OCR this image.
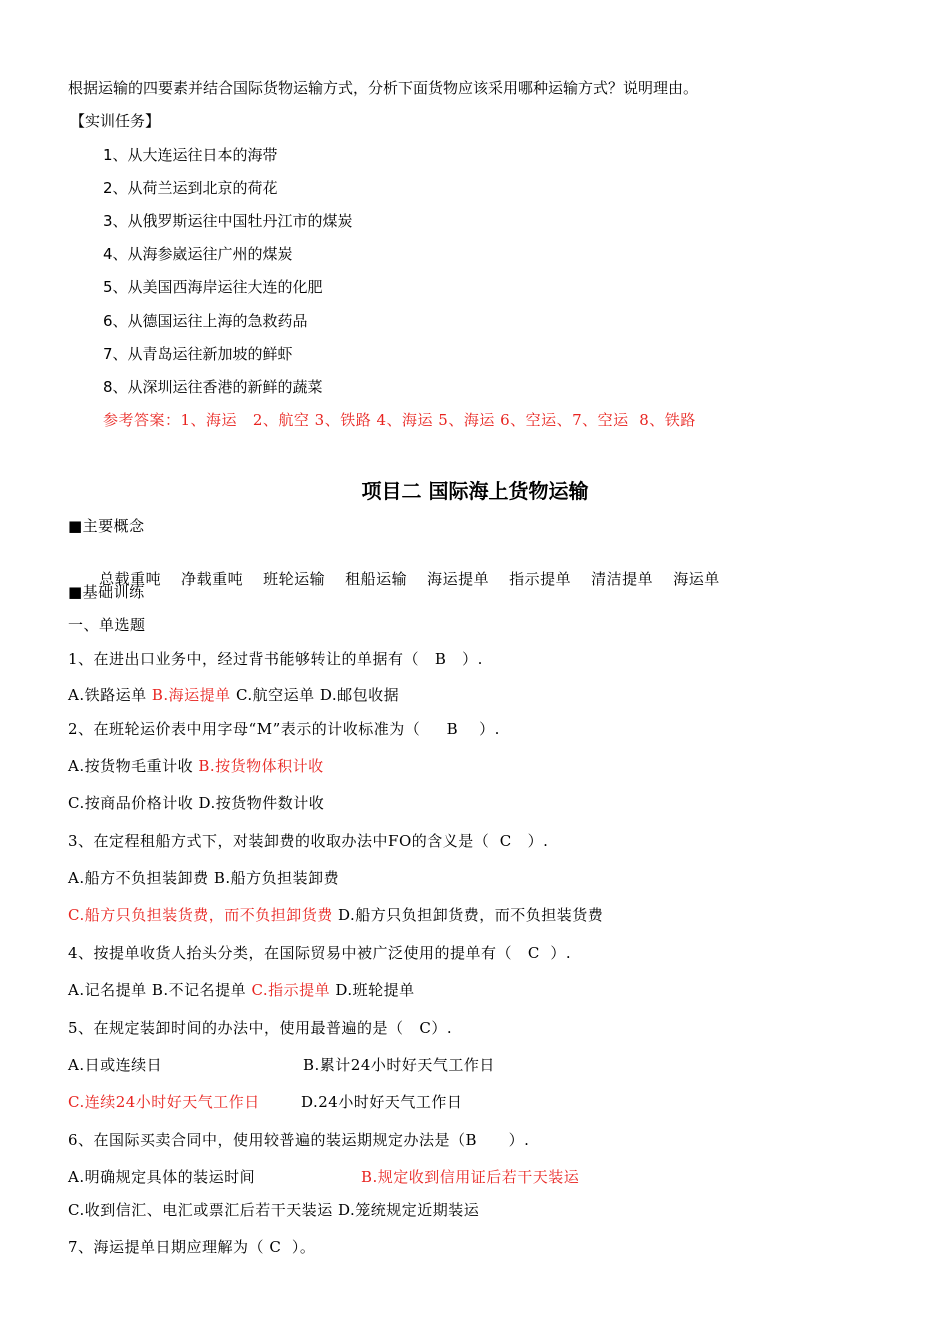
根据运输的四要素并结合国际货物运输方式，分析下面货物应该采用哪种运输方式？说明理由。
【实训任务】
1、从大连运往日本的海带
2、从荷兰运到北京的荷花
3、从俄罗斯运往中国牡丹江市的煤炭
4、从海参崴运往广州的煤炭
5、从美国西海岸运往大连的化肥
6、从德国运往上海的急救药品
7、从青岛运往新加坡的鲜虾
8、从深圳运往香港的新鲜的蔬菜
参考答案：1、海运   2、航空 3、铁路 4、海运 5、海运 6、空运、7、空运  8、铁路
项目二 国际海上货物运输
■主要概念

总载重吨 净载重吨 班轮运输 租船运输 海运提单 指示提单 清洁提单 海运单

■基础训练
一、单选题
1、在进出口业务中，经过背书能够转让的单据有（   B   ）.
A.铁路运单 B.海运提单 C.航空运单 D.邮包收据
2、在班轮运价表中用字母“M”表示的计收标准为（     B    ）.
A.按货物毛重计收 B.按货物体积计收
C.按商品价格计收 D.按货物件数计收
3、在定程租船方式下，对装卸费的收取办法中FO的含义是（  C   ）.
A.船方不负担装卸费 B.船方负担装卸费
C.船方只负担装货费，而不负担卸货费 D.船方只负担卸货费，而不负担装货费
4、按提单收货人抬头分类，在国际贸易中被广泛使用的提单有（   C  ）.
A.记名提单 B.不记名提单 C.指示提单 D.班轮提单
5、在规定装卸时间的办法中，使用最普遍的是（   C）.
A.日或连续日	B.累计24小时好天气工作日
C.连续24小时好天气工作日	D.24小时好天气工作日
6、在国际买卖合同中，使用较普遍的装运期规定办法是（B      ）.
A.明确规定具体的装运时间	B.规定收到信用证后若干天装运
C.收到信汇、电汇或票汇后若干天装运 D.笼统规定近期装运
7、海运提单日期应理解为（ C  ）。
